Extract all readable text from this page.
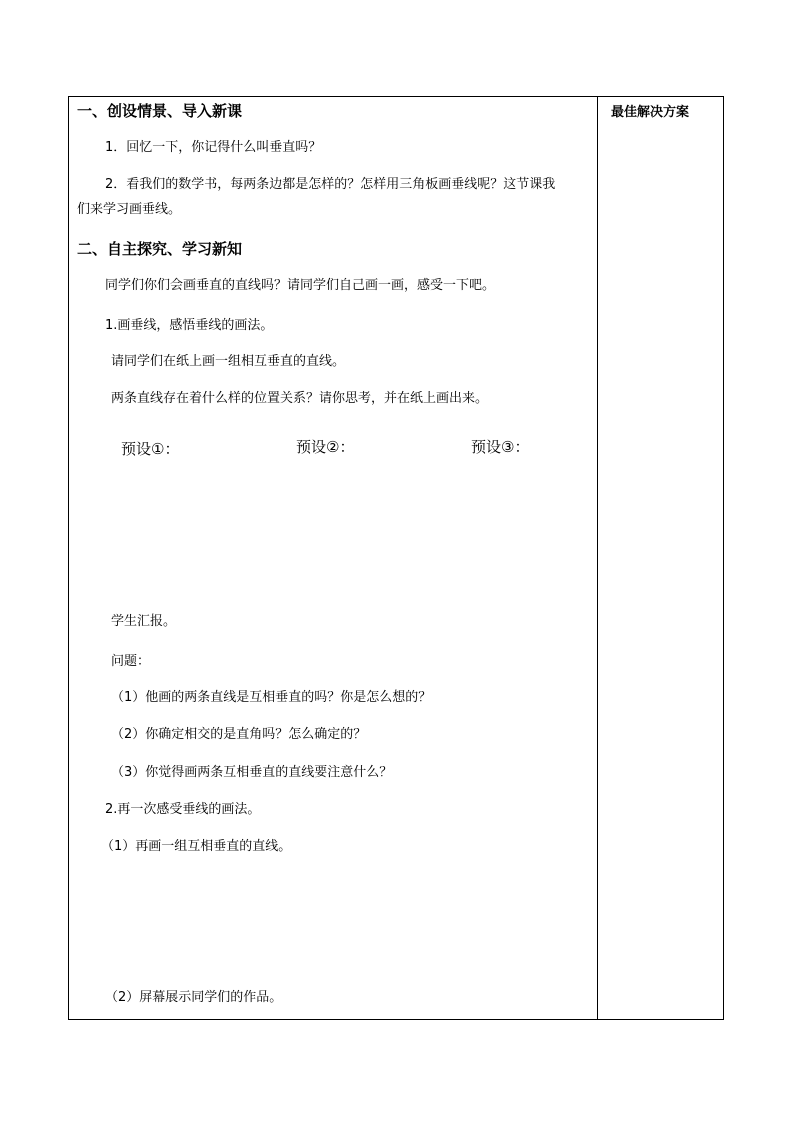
一、创设情景、导入新课
1．回忆一下，你记得什么叫垂直吗？
2．看我们的数学书，每两条边都是怎样的？怎样用三角板画垂线呢？这节课我
们来学习画垂线。
二、自主探究、学习新知
同学们你们会画垂直的直线吗？请同学们自己画一画，感受一下吧。
1.画垂线，感悟垂线的画法。
请同学们在纸上画一组相互垂直的直线。
两条直线存在着什么样的位置关系？请你思考，并在纸上画出来。
预设①：	预设②：	预设③：
学生汇报。
问题：
（1）他画的两条直线是互相垂直的吗？你是怎么想的？
（2）你确定相交的是直角吗？怎么确定的？
（3）你觉得画两条互相垂直的直线要注意什么？
2.再一次感受垂线的画法。
（1）再画一组互相垂直的直线。
（2）屏幕展示同学们的作品。
最佳解决方案
